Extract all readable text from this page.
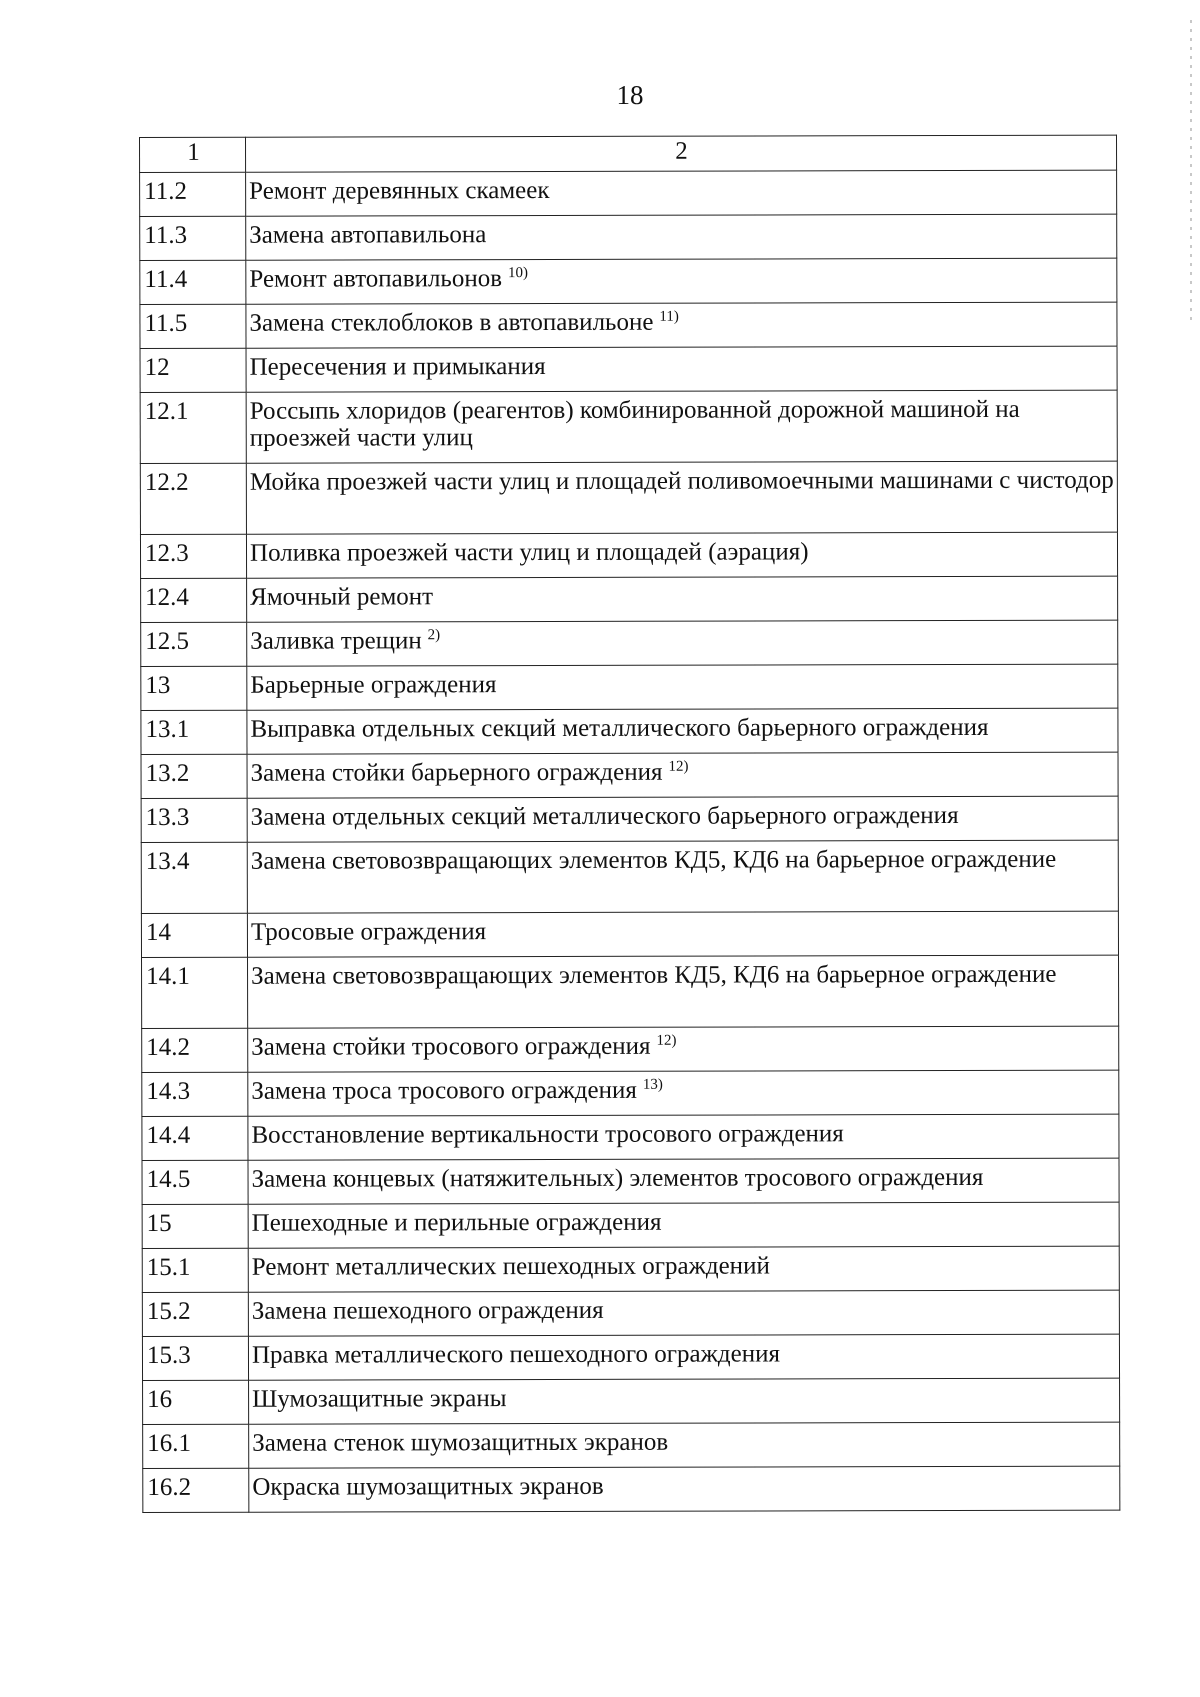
18
1	2
11.2	Ремонт деревянных скамеек
11.3	Замена автопавильона
11.4	Ремонт автопавильонов $^{10)}$
11.5	Замена стеклоблоков в автопавильоне $^{11)}$
12	Пересечения и примыкания
12.1	Россыпь хлоридов (реагентов) комбинированной дорожной машиной на проезжей части улиц
12.2	Мойка проезжей части улиц и площадей поливомоечными машинами с чистодор
12.3	Поливка проезжей части улиц и площадей (аэрация)
12.4	Ямочный ремонт
12.5	Заливка трещин $^{2)}$
13	Барьерные ограждения
13.1	Выправка отдельных секций металлического барьерного ограждения
13.2	Замена стойки барьерного ограждения $^{12)}$
13.3	Замена отдельных секций металлического барьерного ограждения
13.4	Замена световозвращающих элементов КД5, КД6 на барьерное ограждение
14	Тросовые ограждения
14.1	Замена световозвращающих элементов КД5, КД6 на барьерное ограждение
14.2	Замена стойки тросового ограждения $^{12)}$
14.3	Замена троса тросового ограждения $^{13)}$
14.4	Восстановление вертикальности тросового ограждения
14.5	Замена концевых (натяжительных) элементов тросового ограждения
15	Пешеходные и перильные ограждения
15.1	Ремонт металлических пешеходных ограждений
15.2	Замена пешеходного ограждения
15.3	Правка металлического пешеходного ограждения
16	Шумозащитные экраны
16.1	Замена стенок шумозащитных экранов
16.2	Окраска шумозащитных экранов
